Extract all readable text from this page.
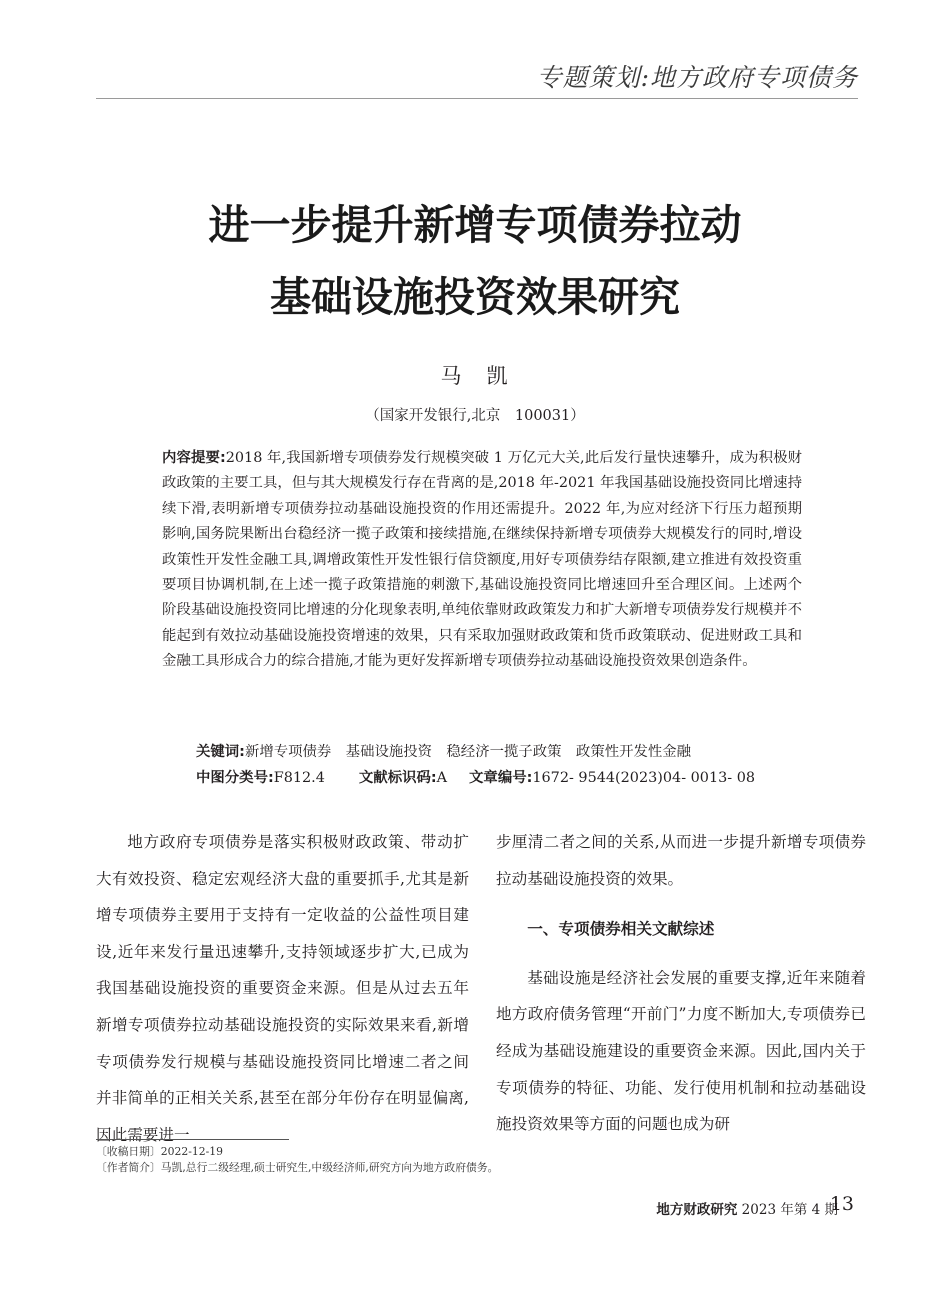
专题策划:地方政府专项债务
进一步提升新增专项债券拉动
基础设施投资效果研究
马　凯
（国家开发银行,北京　100031）
内容提要:2018 年,我国新增专项债券发行规模突破 1 万亿元大关,此后发行量快速攀升，成为积极财政政策的主要工具，但与其大规模发行存在背离的是,2018 年-2021 年我国基础设施投资同比增速持续下滑,表明新增专项债券拉动基础设施投资的作用还需提升。2022 年,为应对经济下行压力超预期影响,国务院果断出台稳经济一揽子政策和接续措施,在继续保持新增专项债券大规模发行的同时,增设政策性开发性金融工具,调增政策性开发性银行信贷额度,用好专项债券结存限额,建立推进有效投资重要项目协调机制,在上述一揽子政策措施的刺激下,基础设施投资同比增速回升至合理区间。上述两个阶段基础设施投资同比增速的分化现象表明,单纯依靠财政政策发力和扩大新增专项债券发行规模并不能起到有效拉动基础设施投资增速的效果，只有采取加强财政政策和货币政策联动、促进财政工具和金融工具形成合力的综合措施,才能为更好发挥新增专项债券拉动基础设施投资效果创造条件。
关键词:新增专项债券　基础设施投资　稳经济一揽子政策　政策性开发性金融
中图分类号:F812.4 文献标识码:A 文章编号:1672- 9544(2023)04- 0013- 08

地方政府专项债券是落实积极财政政策、带动扩大有效投资、稳定宏观经济大盘的重要抓手,尤其是新增专项债券主要用于支持有一定收益的公益性项目建设,近年来发行量迅速攀升,支持领域逐步扩大,已成为我国基础设施投资的重要资金来源。但是从过去五年新增专项债券拉动基础设施投资的实际效果来看,新增专项债券发行规模与基础设施投资同比增速二者之间并非简单的正相关关系,甚至在部分年份存在明显偏离,因此需要进一

步厘清二者之间的关系,从而进一步提升新增专项债券拉动基础设施投资的效果。

一、专项债券相关文献综述

基础设施是经济社会发展的重要支撑,近年来随着地方政府债务管理“开前门”力度不断加大,专项债券已经成为基础设施建设的重要资金来源。因此,国内关于专项债券的特征、功能、发行使用机制和拉动基础设施投资效果等方面的问题也成为研

〔收稿日期〕2022-12-19
〔作者简介〕马凯,总行二级经理,硕士研究生,中级经济师,研究方向为地方政府债务。
地方财政研究 2023 年第 4 期
13
